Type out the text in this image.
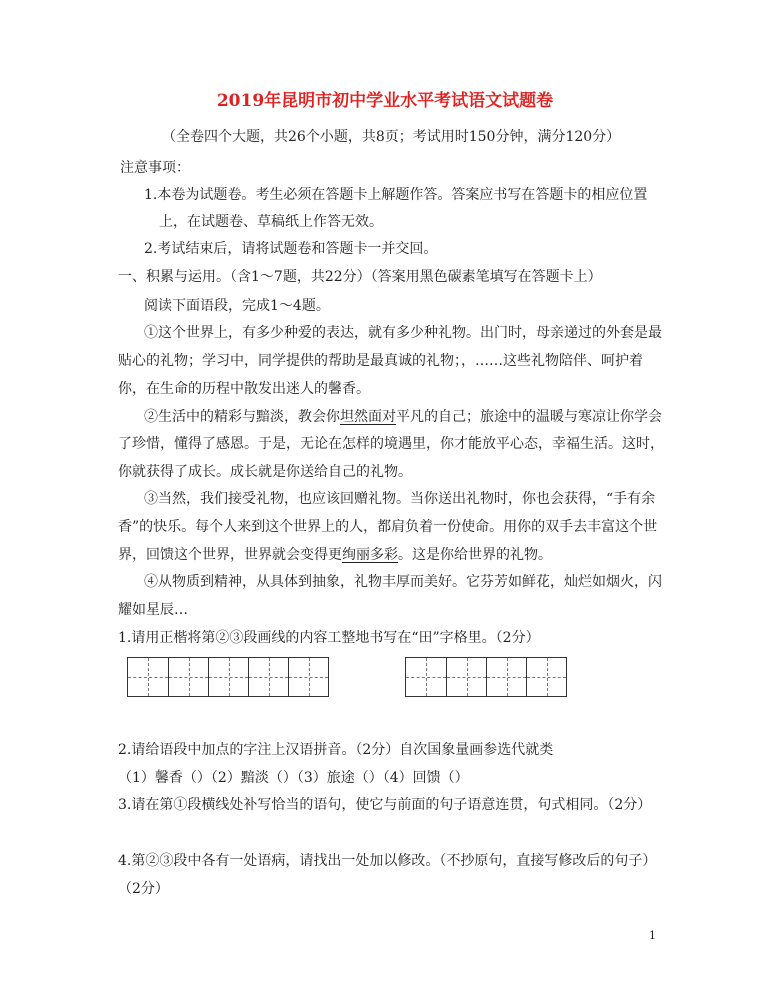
2019年昆明市初中学业水平考试语文试题卷
（全卷四个大题，共26个小题，共8页；考试用时150分钟，满分120分）
注意事项：
1.本卷为试题卷。考生必须在答题卡上解题作答。答案应书写在答题卡的相应位置
上，在试题卷、草稿纸上作答无效。
2.考试结束后，请将试题卷和答题卡一并交回。
一、积累与运用。（含1～7题，共22分）（答案用黑色碳素笔填写在答题卡上）
阅读下面语段，完成1～4题。
①这个世界上，有多少种爱的表达，就有多少种礼物。出门时，母亲递过的外套是最
贴心的礼物；学习中，同学提供的帮助是最真诚的礼物；，……这些礼物陪伴、呵护着
你，在生命的历程中散发出迷人的馨香。
②生活中的精彩与黯淡，教会你坦然面对平凡的自己；旅途中的温暖与寒凉让你学会
了珍惜，懂得了感恩。于是，无论在怎样的境遇里，你才能放平心态，幸福生活。这时，
你就获得了成长。成长就是你送给自己的礼物。
③当然，我们接受礼物，也应该回赠礼物。当你送出礼物时，你也会获得，“手有余
香”的快乐。每个人来到这个世界上的人，都肩负着一份使命。用你的双手去丰富这个世
界，回馈这个世界，世界就会变得更绚丽多彩。这是你给世界的礼物。
④从物质到精神，从具体到抽象，礼物丰厚而美好。它芬芳如鲜花，灿烂如烟火，闪
耀如星辰…
1.请用正楷将第②③段画线的内容工整地书写在“田”字格里。（2分）
2.请给语段中加点的字注上汉语拼音。（2分）自次国象量画参选代就类
（1）馨香（）（2）黯淡（）（3）旅途（）（4）回馈（）
3.请在第①段横线处补写恰当的语句，使它与前面的句子语意连贯，句式相同。（2分）
4.第②③段中各有一处语病，请找出一处加以修改。（不抄原句，直接写修改后的句子）
（2分）
1
